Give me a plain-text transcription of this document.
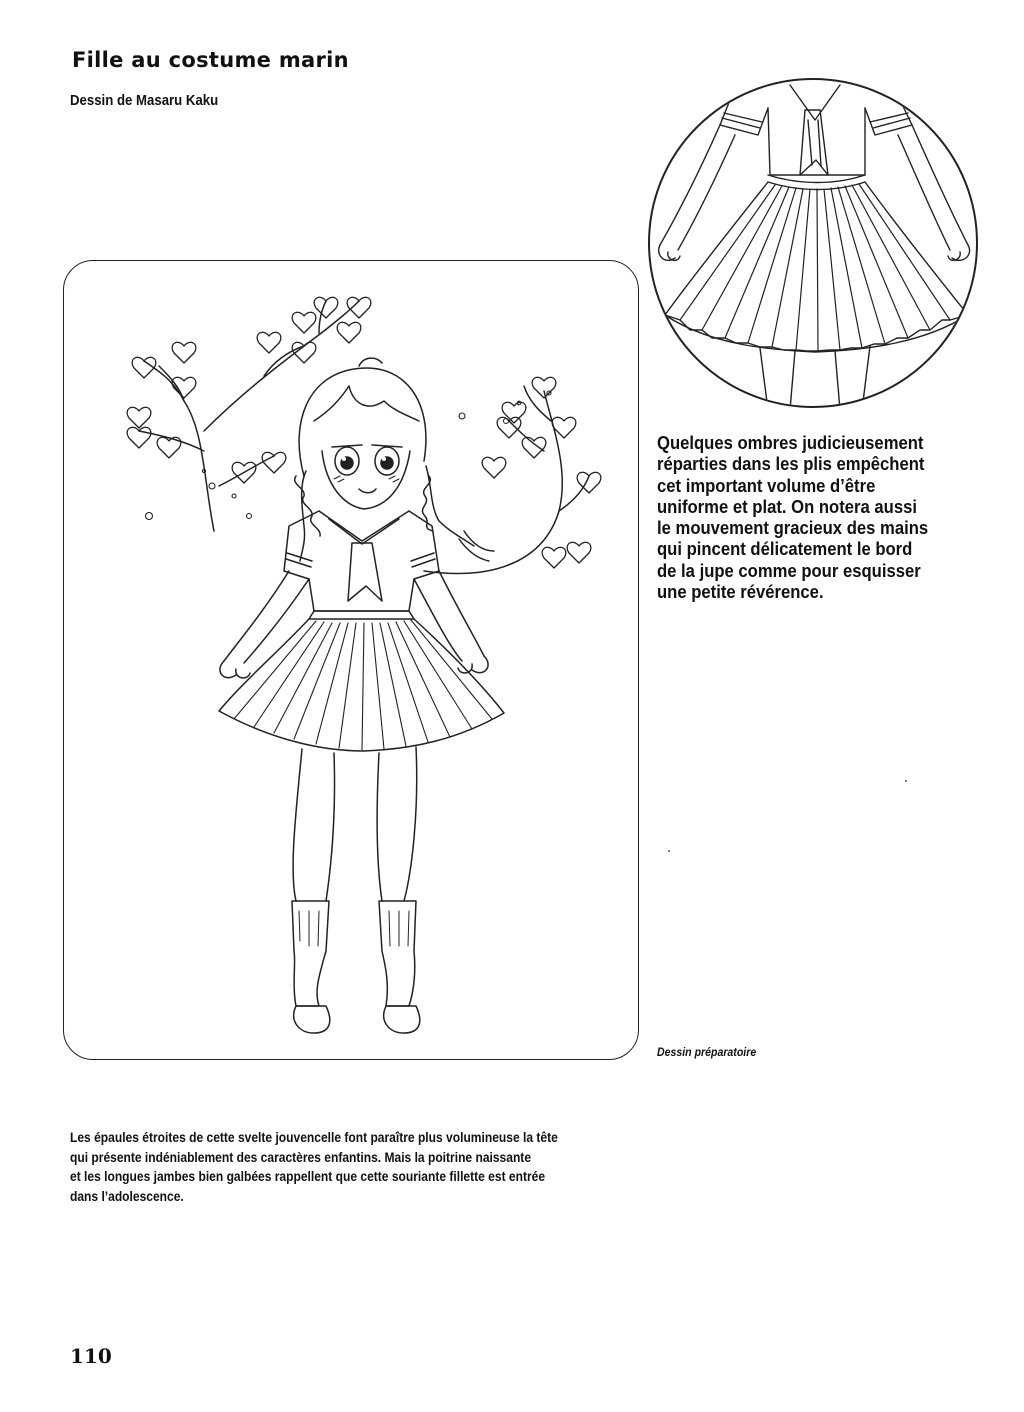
Fille au costume marin

Dessin de Masaru Kaku

Quelques ombres judicieusement
réparties dans les plis empêchent
cet important volume d’être
uniforme et plat. On notera aussi
le mouvement gracieux des mains
qui pincent délicatement le bord
de la jupe comme pour esquisser
une petite révérence.

Dessin préparatoire

Les épaules étroites de cette svelte jouvencelle font paraître plus volumineuse la tête
qui présente indéniablement des caractères enfantins. Mais la poitrine naissante
et les longues jambes bien galbées rappellent que cette souriante fillette est entrée
dans l’adolescence.

110
